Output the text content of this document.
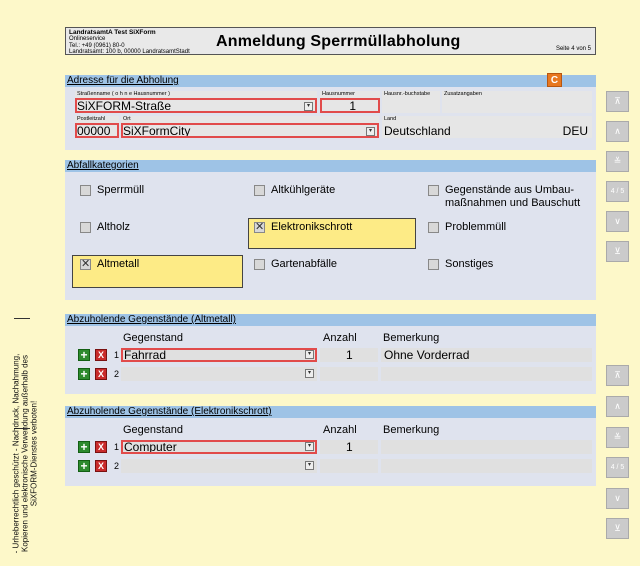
LandratsamtA Test SiXForm
Onlineservice
Tel.: +49 (0961) 80-0
Landratsamt: 100 b, 00000 LandratsamtStadt
Anmeldung Sperrmüllabholung	Seite 4 von 5
Adresse für die Abholung
Straßenname ( o h n e Hausnummer )
SiXFORM-Straße	▾
Hausnummer
1
Hausnr.-buchstabe	Zusatzangaben
Postleitzahl
00000
Ort
SiXFormCity	▾
Land
Deutschland	DEU
C
Abfallkategorien
Sperrmüll	Altkühlgeräte	Gegenstände aus Umbau-
maßnahmen und Bauschutt
Altholz	✕ Elektronikschrott	Problemmüll
✕ Altmetall	Gartenabfälle	Sonstiges
Abzuholende Gegenstände (Altmetall)
Gegenstand	Anzahl Bemerkung
+	X	1 Fahrrad	▾	1	Ohne Vorderrad
+	X	2	▾
Abzuholende Gegenstände (Elektronikschrott)
Gegenstand	Anzahl Bemerkung
+	X	1 Computer	▾	1
+	X	2	▾
- Urheberrechtlich geschützt - Nachdruck, Nachahmung, Kopieren und elektronische Verwendung außerhalb des SiXFORM-Dienstes verboten!
⊼
∧
≚
4 / 5
∨
⊻
⊼
∧
≚
4 / 5
∨
⊻
